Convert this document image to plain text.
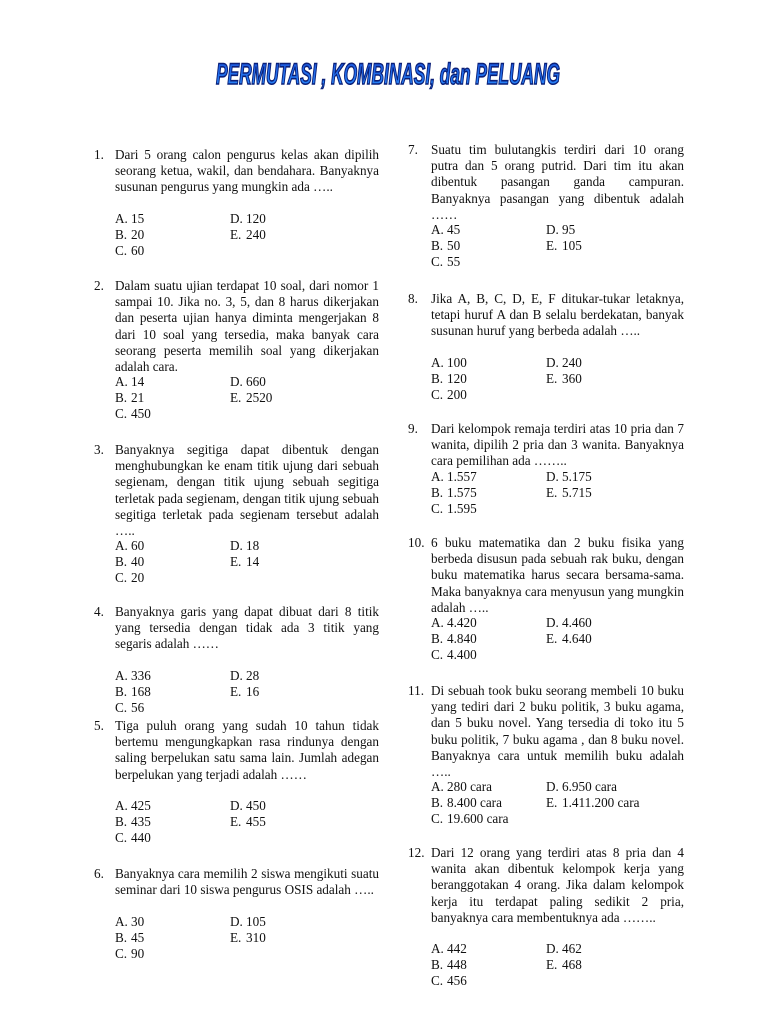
PERMUTASI , KOMBINASI, dan PELUANG
1. Dari 5 orang calon pengurus kelas akan dipilih seorang ketua, wakil, dan bendahara. Banyaknya susunan pengurus yang mungkin ada …..
A. 15	D. 120
B. 20	E. 240
C. 60
2. Dalam suatu ujian terdapat 10 soal, dari nomor 1 sampai 10. Jika no. 3, 5, dan 8 harus dikerjakan dan peserta ujian hanya diminta mengerjakan 8 dari 10 soal yang tersedia, maka banyak cara seorang peserta memilih soal yang dikerjakan adalah cara.
A. 14	D. 660
B. 21	E. 2520
C. 450
3. Banyaknya segitiga dapat dibentuk dengan menghubungkan ke enam titik ujung dari sebuah segienam, dengan titik ujung sebuah segitiga terletak pada segienam, dengan titik ujung sebuah segitiga terletak pada segienam tersebut adalah …..
A. 60	D. 18
B. 40	E. 14
C. 20
4. Banyaknya garis yang dapat dibuat dari 8 titik yang tersedia dengan tidak ada 3 titik yang segaris adalah ……
A. 336	D. 28
B. 168	E. 16
C. 56
5. Tiga puluh orang yang sudah 10 tahun tidak bertemu mengungkapkan rasa rindunya dengan saling berpelukan satu sama lain. Jumlah adegan berpelukan yang terjadi adalah ……
A. 425	D. 450
B. 435	E. 455
C. 440
6. Banyaknya cara memilih 2 siswa mengikuti suatu seminar dari 10 siswa pengurus OSIS adalah …..
A. 30	D. 105
B. 45	E. 310
C. 90
7. Suatu tim bulutangkis terdiri dari 10 orang putra dan 5 orang putrid. Dari tim itu akan dibentuk pasangan ganda campuran. Banyaknya pasangan yang dibentuk adalah ……
A. 45	D. 95
B. 50	E. 105
C. 55
8. Jika A, B, C, D, E, F ditukar-tukar letaknya, tetapi huruf A dan B selalu berdekatan, banyak susunan huruf yang berbeda adalah …..
A. 100	D. 240
B. 120	E. 360
C. 200
9. Dari kelompok remaja terdiri atas 10 pria dan 7 wanita, dipilih 2 pria dan 3 wanita. Banyaknya cara pemilihan ada ……..
A. 1.557	D. 5.175
B. 1.575	E. 5.715
C. 1.595
10. 6 buku matematika dan 2 buku fisika yang berbeda disusun pada sebuah rak buku, dengan buku matematika harus secara bersama-sama. Maka banyaknya cara menyusun yang mungkin adalah …..
A. 4.420	D. 4.460
B. 4.840	E. 4.640
C. 4.400
11. Di sebuah took buku seorang membeli 10 buku yang tediri dari 2 buku politik, 3 buku agama, dan 5 buku novel. Yang tersedia di toko itu 5 buku politik, 7 buku agama , dan 8 buku novel. Banyaknya cara untuk memilih buku adalah …..
A. 280 cara	D. 6.950 cara
B. 8.400 cara	E. 1.411.200 cara
C. 19.600 cara
12. Dari 12 orang yang terdiri atas 8 pria dan 4 wanita akan dibentuk kelompok kerja yang beranggotakan 4 orang. Jika dalam kelompok kerja itu terdapat paling sedikit 2 pria, banyaknya cara membentuknya ada ……..
A. 442	D. 462
B. 448	E. 468
C. 456
